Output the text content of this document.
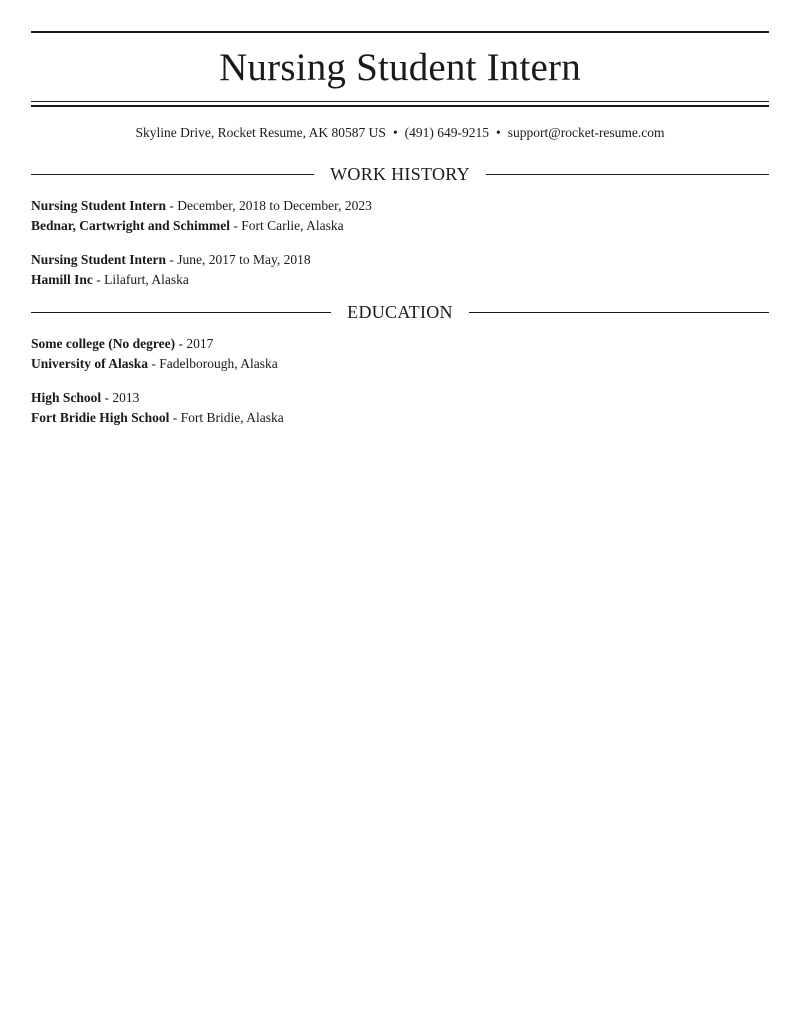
Nursing Student Intern
Skyline Drive, Rocket Resume, AK 80587 US • (491) 649-9215 • support@rocket-resume.com
WORK HISTORY
Nursing Student Intern - December, 2018 to December, 2023
Bednar, Cartwright and Schimmel - Fort Carlie, Alaska
Nursing Student Intern - June, 2017 to May, 2018
Hamill Inc - Lilafurt, Alaska
EDUCATION
Some college (No degree) - 2017
University of Alaska - Fadelborough, Alaska
High School - 2013
Fort Bridie High School - Fort Bridie, Alaska
